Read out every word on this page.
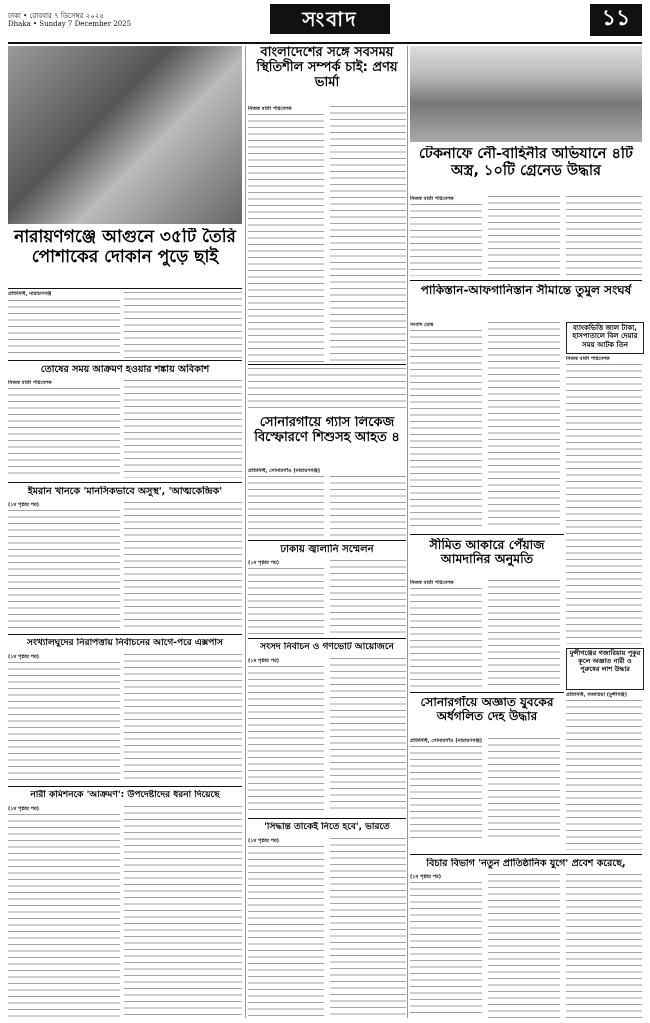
ঢাকা • রোববার ৭ ডিসেম্বর ২০২৫
Dhaka • Sunday 7 December 2025	সংবাদ	১১
নারায়ণগঞ্জে আগুনে ৩৫টি তৈরি পোশাকের দোকান পুড়ে ছাই
প্রতিনিধি, নারায়ণগঞ্জ
বাংলাদেশের সঙ্গে সবসময় স্থিতিশীল সম্পর্ক চাই: প্রণয় ভার্মা
নিজস্ব বার্তা পরিবেশক
টেকনাফে নৌ-বাহিনীর অভিযানে ৪টি অস্ত্র, ১০টি গ্রেনেড উদ্ধার
নিজস্ব বার্তা পরিবেশক
তোষের সময় আক্রমণ হওয়ার শঙ্কায় অবিকাশ
নিজস্ব বার্তা পরিবেশক
ইমরান খানকে 'মানসিকভাবে অসুস্থ', 'আত্মকেন্দ্রিক'
(১ম পৃষ্ঠার পর)
সোনারগাঁয়ে গ্যাস লিকেজ বিস্ফোরণে শিশুসহ আহত ৪
প্রতিনিধি, সোনারগাঁও (নারায়ণগঞ্জ)
পাকিস্তান-আফগানিস্তান সীমান্তে তুমুল সংঘর্ষ
সংবাদ ডেস্ক	ব্যাংকভিত্তি জাল টাকা, হাসপাতালে বিল দেয়ার সময় আটক তিন
নিজস্ব বার্তা পরিবেশক
সংখ্যালঘুদের নিরাপত্তায় নির্বাচনের আগে-পরে এক্সপাস
(১ম পৃষ্ঠার পর)
ঢাকায় জ্বালানি সম্মেলন
(১ম পৃষ্ঠার পর)
সীমিত আকারে পেঁয়াজ আমদানির অনুমতি
নিজস্ব বার্তা পরিবেশক
নারী কমিশনকে 'আক্রমণ': উপদেষ্টাদের ধরনা দিয়েছে
(১ম পৃষ্ঠার পর)
সংসদ নির্বাচন ও গণভোট আয়োজনে
(১ম পৃষ্ঠার পর)
মুন্সীগঞ্জের গজারিয়ায় পুকুর কূলে অজ্ঞাত নারী ও পুরুষের লাশ উদ্ধার
প্রতিনিধি, গজারিয়া (মুন্সীগঞ্জ)
'সিদ্ধান্ত তাকেই নিতে হবে', ভারতে
(১ম পৃষ্ঠার পর)
সোনারগাঁয়ে অজ্ঞাত যুবকের অর্ধগলিত দেহ উদ্ধার
প্রতিনিধি, সোনারগাঁও (নারায়ণগঞ্জ)
বিচার বিভাগ 'নতুন প্রাতিষ্ঠানিক যুগে' প্রবেশ করেছে,
(১ম পৃষ্ঠার পর)
